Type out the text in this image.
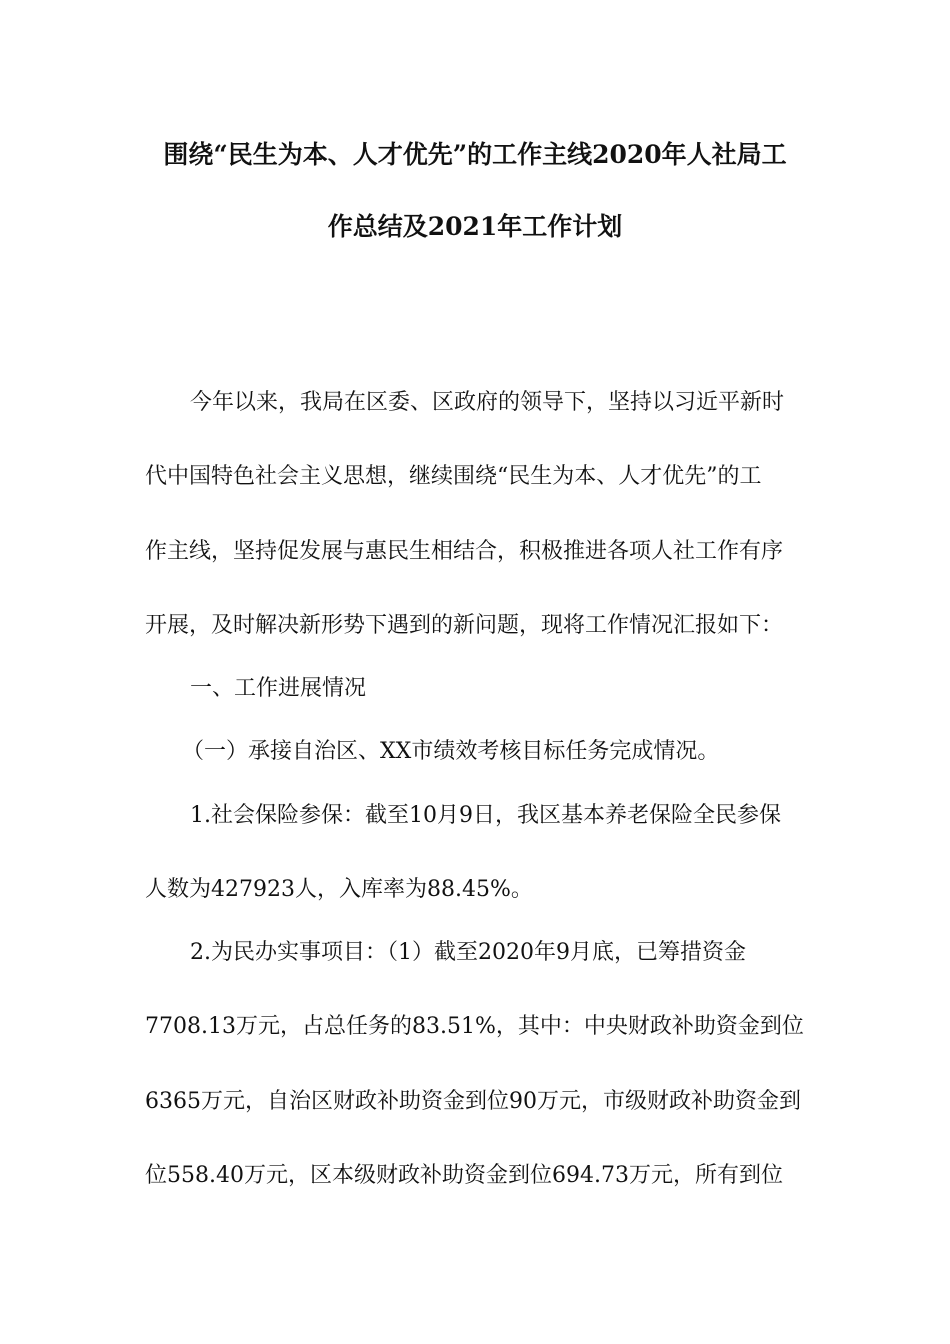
围绕“民生为本、人才优先”的工作主线2020年人社局工
作总结及2021年工作计划
今年以来，我局在区委、区政府的领导下，坚持以习近平新时
代中国特色社会主义思想，继续围绕“民生为本、人才优先”的工
作主线，坚持促发展与惠民生相结合，积极推进各项人社工作有序
开展，及时解决新形势下遇到的新问题，现将工作情况汇报如下：
一、工作进展情况
（一）承接自治区、XX市绩效考核目标任务完成情况。
1.社会保险参保：截至10月9日，我区基本养老保险全民参保
人数为427923人，入库率为88.45%。
2.为民办实事项目：（1）截至2020年9月底，已筹措资金
7708.13万元，占总任务的83.51%，其中：中央财政补助资金到位
6365万元，自治区财政补助资金到位90万元，市级财政补助资金到
位558.40万元，区本级财政补助资金到位694.73万元，所有到位
